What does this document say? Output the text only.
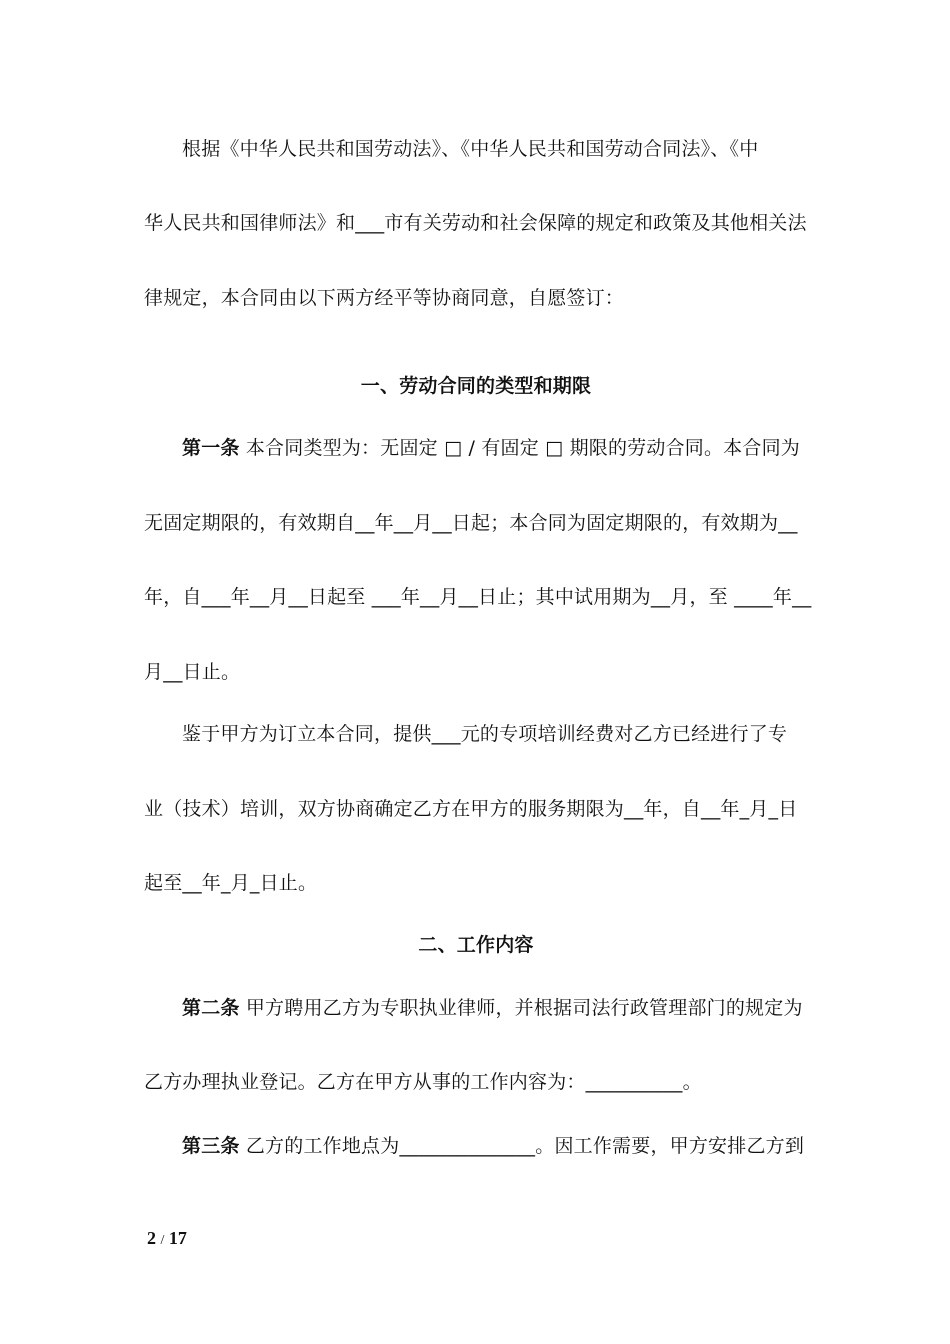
根据《中华人民共和国劳动法》、《中华人民共和国劳动合同法》、《中
华人民共和国律师法》和___市有关劳动和社会保障的规定和政策及其他相关法
律规定，本合同由以下两方经平等协商同意，自愿签订：
一、劳动合同的类型和期限
第一条 本合同类型为：无固定 □ / 有固定 □ 期限的劳动合同。本合同为
无固定期限的，有效期自__年__月__日起；本合同为固定期限的，有效期为__
年，自___年__月__日起至 ___年__月__日止；其中试用期为__月，至 ____年__
月__日止。
鉴于甲方为订立本合同，提供___元的专项培训经费对乙方已经进行了专
业（技术）培训，双方协商确定乙方在甲方的服务期限为__年，自__年_月_日
起至__年_月_日止。
二、工作内容
第二条 甲方聘用乙方为专职执业律师，并根据司法行政管理部门的规定为
乙方办理执业登记。乙方在甲方从事的工作内容为：__________。
第三条 乙方的工作地点为______________。因工作需要，甲方安排乙方到
2 / 17
